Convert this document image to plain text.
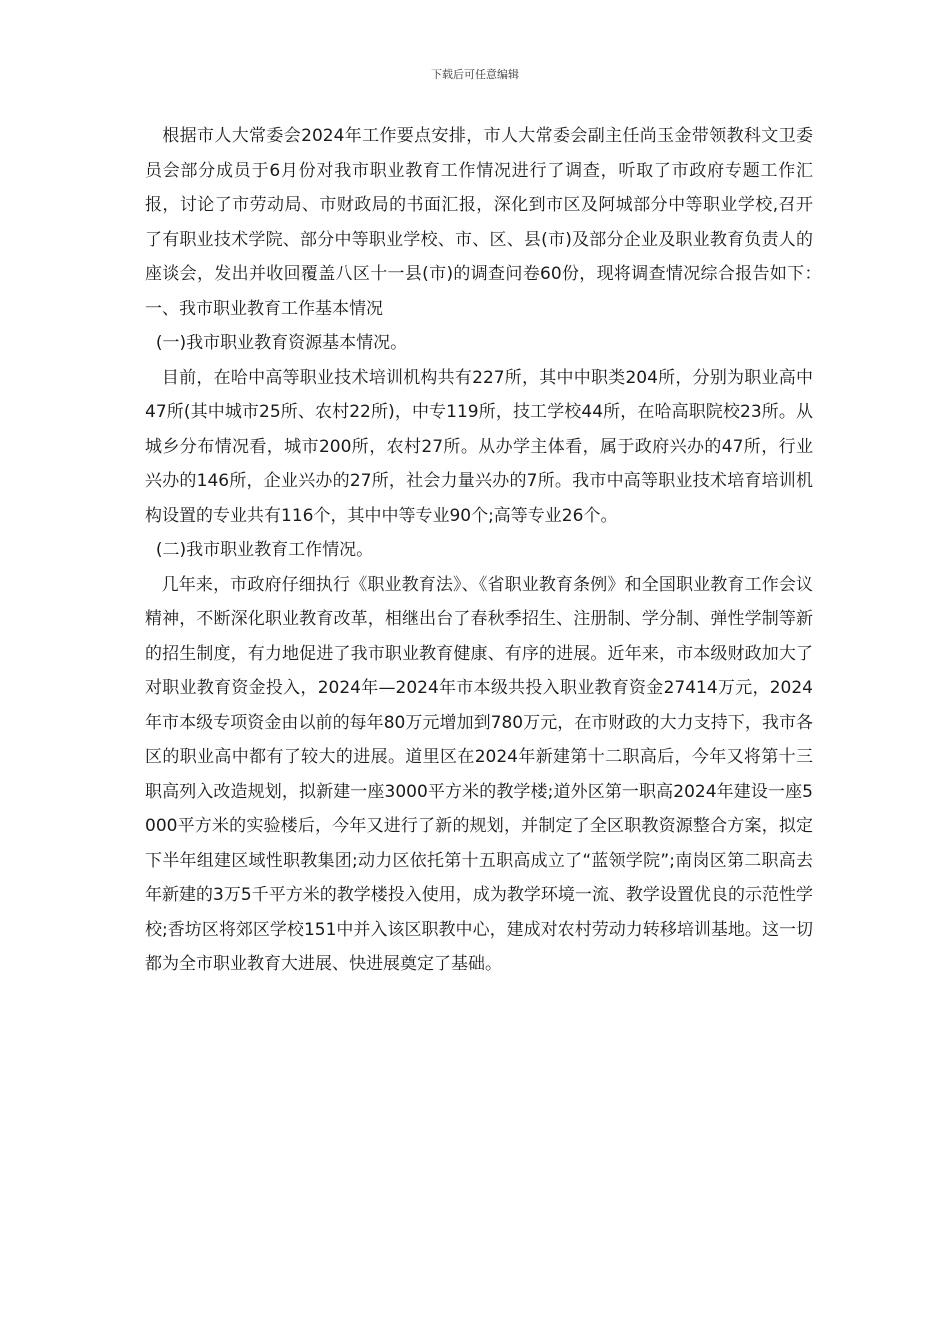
下载后可任意编辑

根据市人大常委会2024年工作要点安排，市人大常委会副主任尚玉金带领教科文卫委员会部分成员于6月份对我市职业教育工作情况进行了调查，听取了市政府专题工作汇报，讨论了市劳动局、市财政局的书面汇报，深化到市区及阿城部分中等职业学校,召开了有职业技术学院、部分中等职业学校、市、区、县(市)及部分企业及职业教育负责人的座谈会，发出并收回覆盖八区十一县(市)的调查问卷60份，现将调查情况综合报告如下：　　一、我市职业教育工作基本情况

(一)我市职业教育资源基本情况。

目前，在哈中高等职业技术培训机构共有227所，其中中职类204所，分别为职业高中47所(其中城市25所、农村22所)，中专119所，技工学校44所，在哈高职院校23所。从城乡分布情况看，城市200所，农村27所。从办学主体看，属于政府兴办的47所，行业兴办的146所，企业兴办的27所，社会力量兴办的7所。我市中高等职业技术培育培训机构设置的专业共有116个，其中中等专业90个;高等专业26个。

(二)我市职业教育工作情况。

几年来，市政府仔细执行《职业教育法》、《省职业教育条例》和全国职业教育工作会议精神，不断深化职业教育改革，相继出台了春秋季招生、注册制、学分制、弹性学制等新的招生制度，有力地促进了我市职业教育健康、有序的进展。近年来，市本级财政加大了对职业教育资金投入，2024年—2024年市本级共投入职业教育资金27414万元，2024年市本级专项资金由以前的每年80万元增加到780万元，在市财政的大力支持下，我市各区的职业高中都有了较大的进展。道里区在2024年新建第十二职高后，今年又将第十三职高列入改造规划，拟新建一座3000平方米的教学楼;道外区第一职高2024年建设一座5000平方米的实验楼后，今年又进行了新的规划，并制定了全区职教资源整合方案，拟定下半年组建区域性职教集团;动力区依托第十五职高成立了“蓝领学院”;南岗区第二职高去年新建的3万5千平方米的教学楼投入使用，成为教学环境一流、教学设置优良的示范性学校;香坊区将郊区学校151中并入该区职教中心，建成对农村劳动力转移培训基地。这一切都为全市职业教育大进展、快进展奠定了基础。
